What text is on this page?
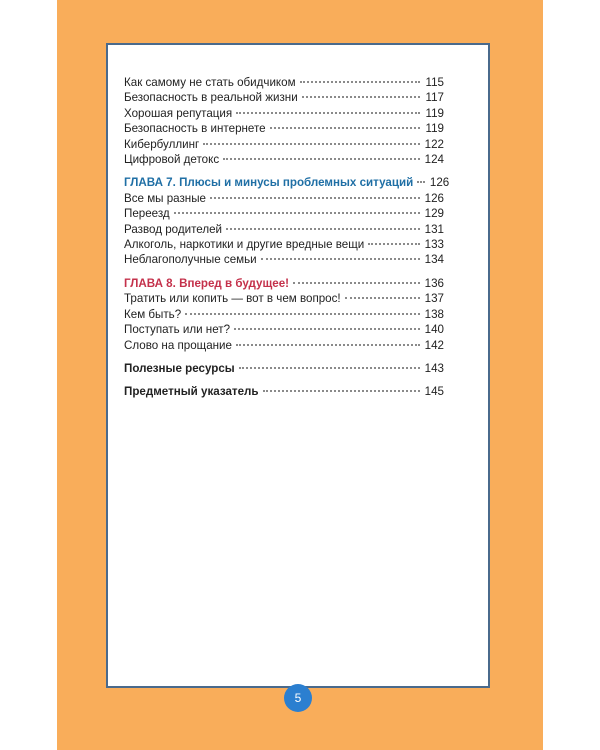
Как самому не стать обидчиком	115
Безопасность в реальной жизни	117
Хорошая репутация	119
Безопасность в интернете	119
Кибербуллинг	122
Цифровой детокс	124
ГЛАВА 7. Плюсы и минусы проблемных ситуаций 126
Все мы разные	126
Переезд	129
Развод родителей	131
Алкоголь, наркотики и другие вредные вещи	133
Неблагополучные семьи	134
ГЛАВА 8. Вперед в будущее!	136
Тратить или копить — вот в чем вопрос!	137
Кем быть?	138
Поступать или нет?	140
Слово на прощание	142
Полезные ресурсы	143
Предметный указатель	145
5
